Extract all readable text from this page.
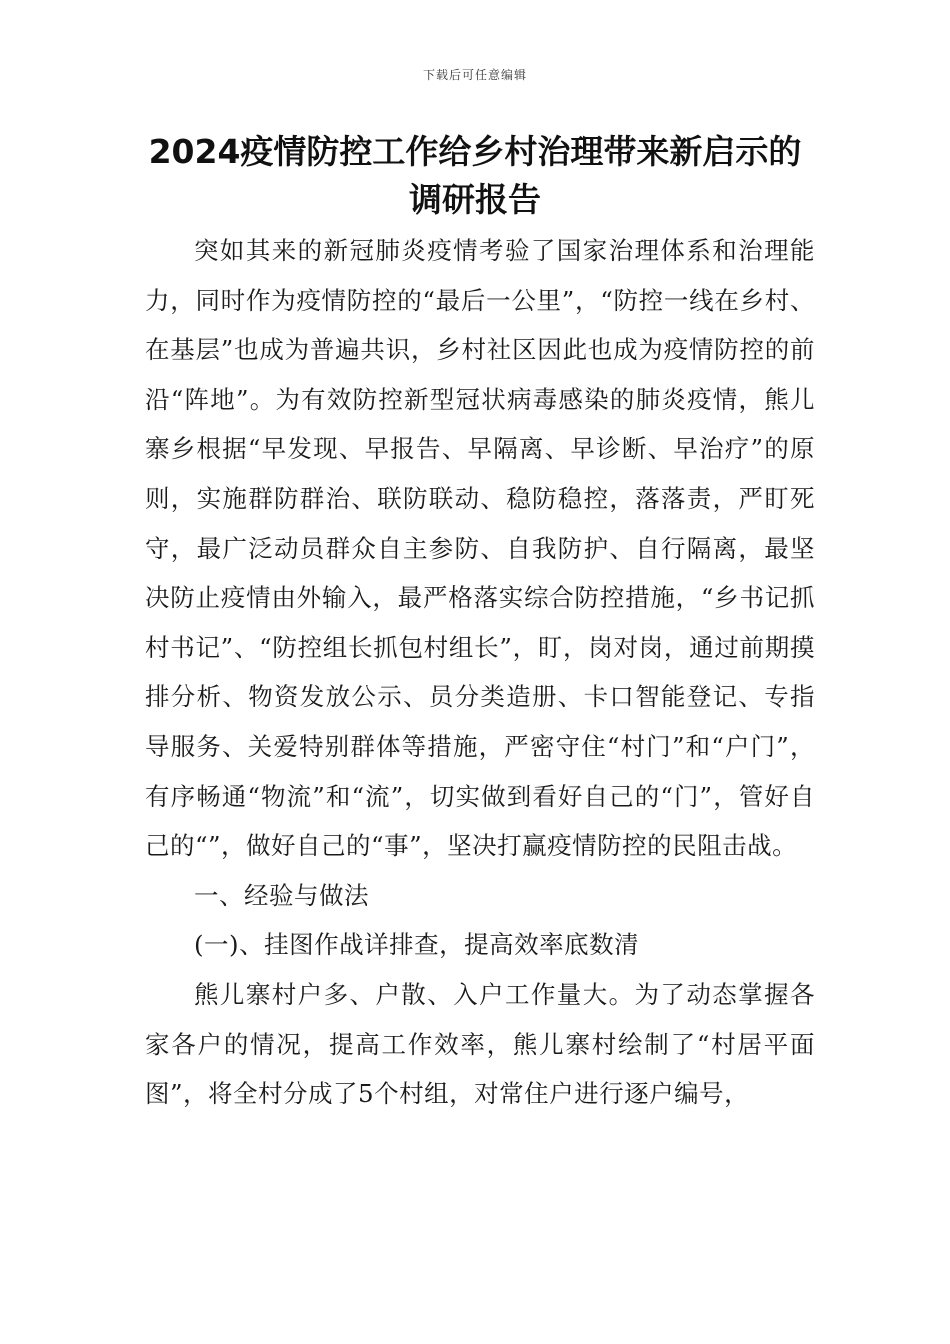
下载后可任意编辑
2024疫情防控工作给乡村治理带来新启示的调研报告

突如其来的新冠肺炎疫情考验了国家治理体系和治理能力，同时作为疫情防控的“最后一公里”，“防控一线在乡村、在基层”也成为普遍共识，乡村社区因此也成为疫情防控的前沿“阵地”。为有效防控新型冠状病毒感染的肺炎疫情，熊儿寨乡根据“早发现、早报告、早隔离、早诊断、早治疗”的原则，实施群防群治、联防联动、稳防稳控，落落责，严盯死守，最广泛动员群众自主参防、自我防护、自行隔离，最坚决防止疫情由外输入，最严格落实综合防控措施，“乡书记抓村书记”、“防控组长抓包村组长”，盯，岗对岗，通过前期摸排分析、物资发放公示、员分类造册、卡口智能登记、专指导服务、关爱特别群体等措施，严密守住“村门”和“户门”，有序畅通“物流”和“流”，切实做到看好自己的“门”，管好自己的“”，做好自己的“事”，坚决打赢疫情防控的民阻击战。

一、经验与做法

(一)、挂图作战详排查，提高效率底数清

熊儿寨村户多、户散、入户工作量大。为了动态掌握各家各户的情况，提高工作效率，熊儿寨村绘制了“村居平面图”，将全村分成了5个村组，对常住户进行逐户编号，
